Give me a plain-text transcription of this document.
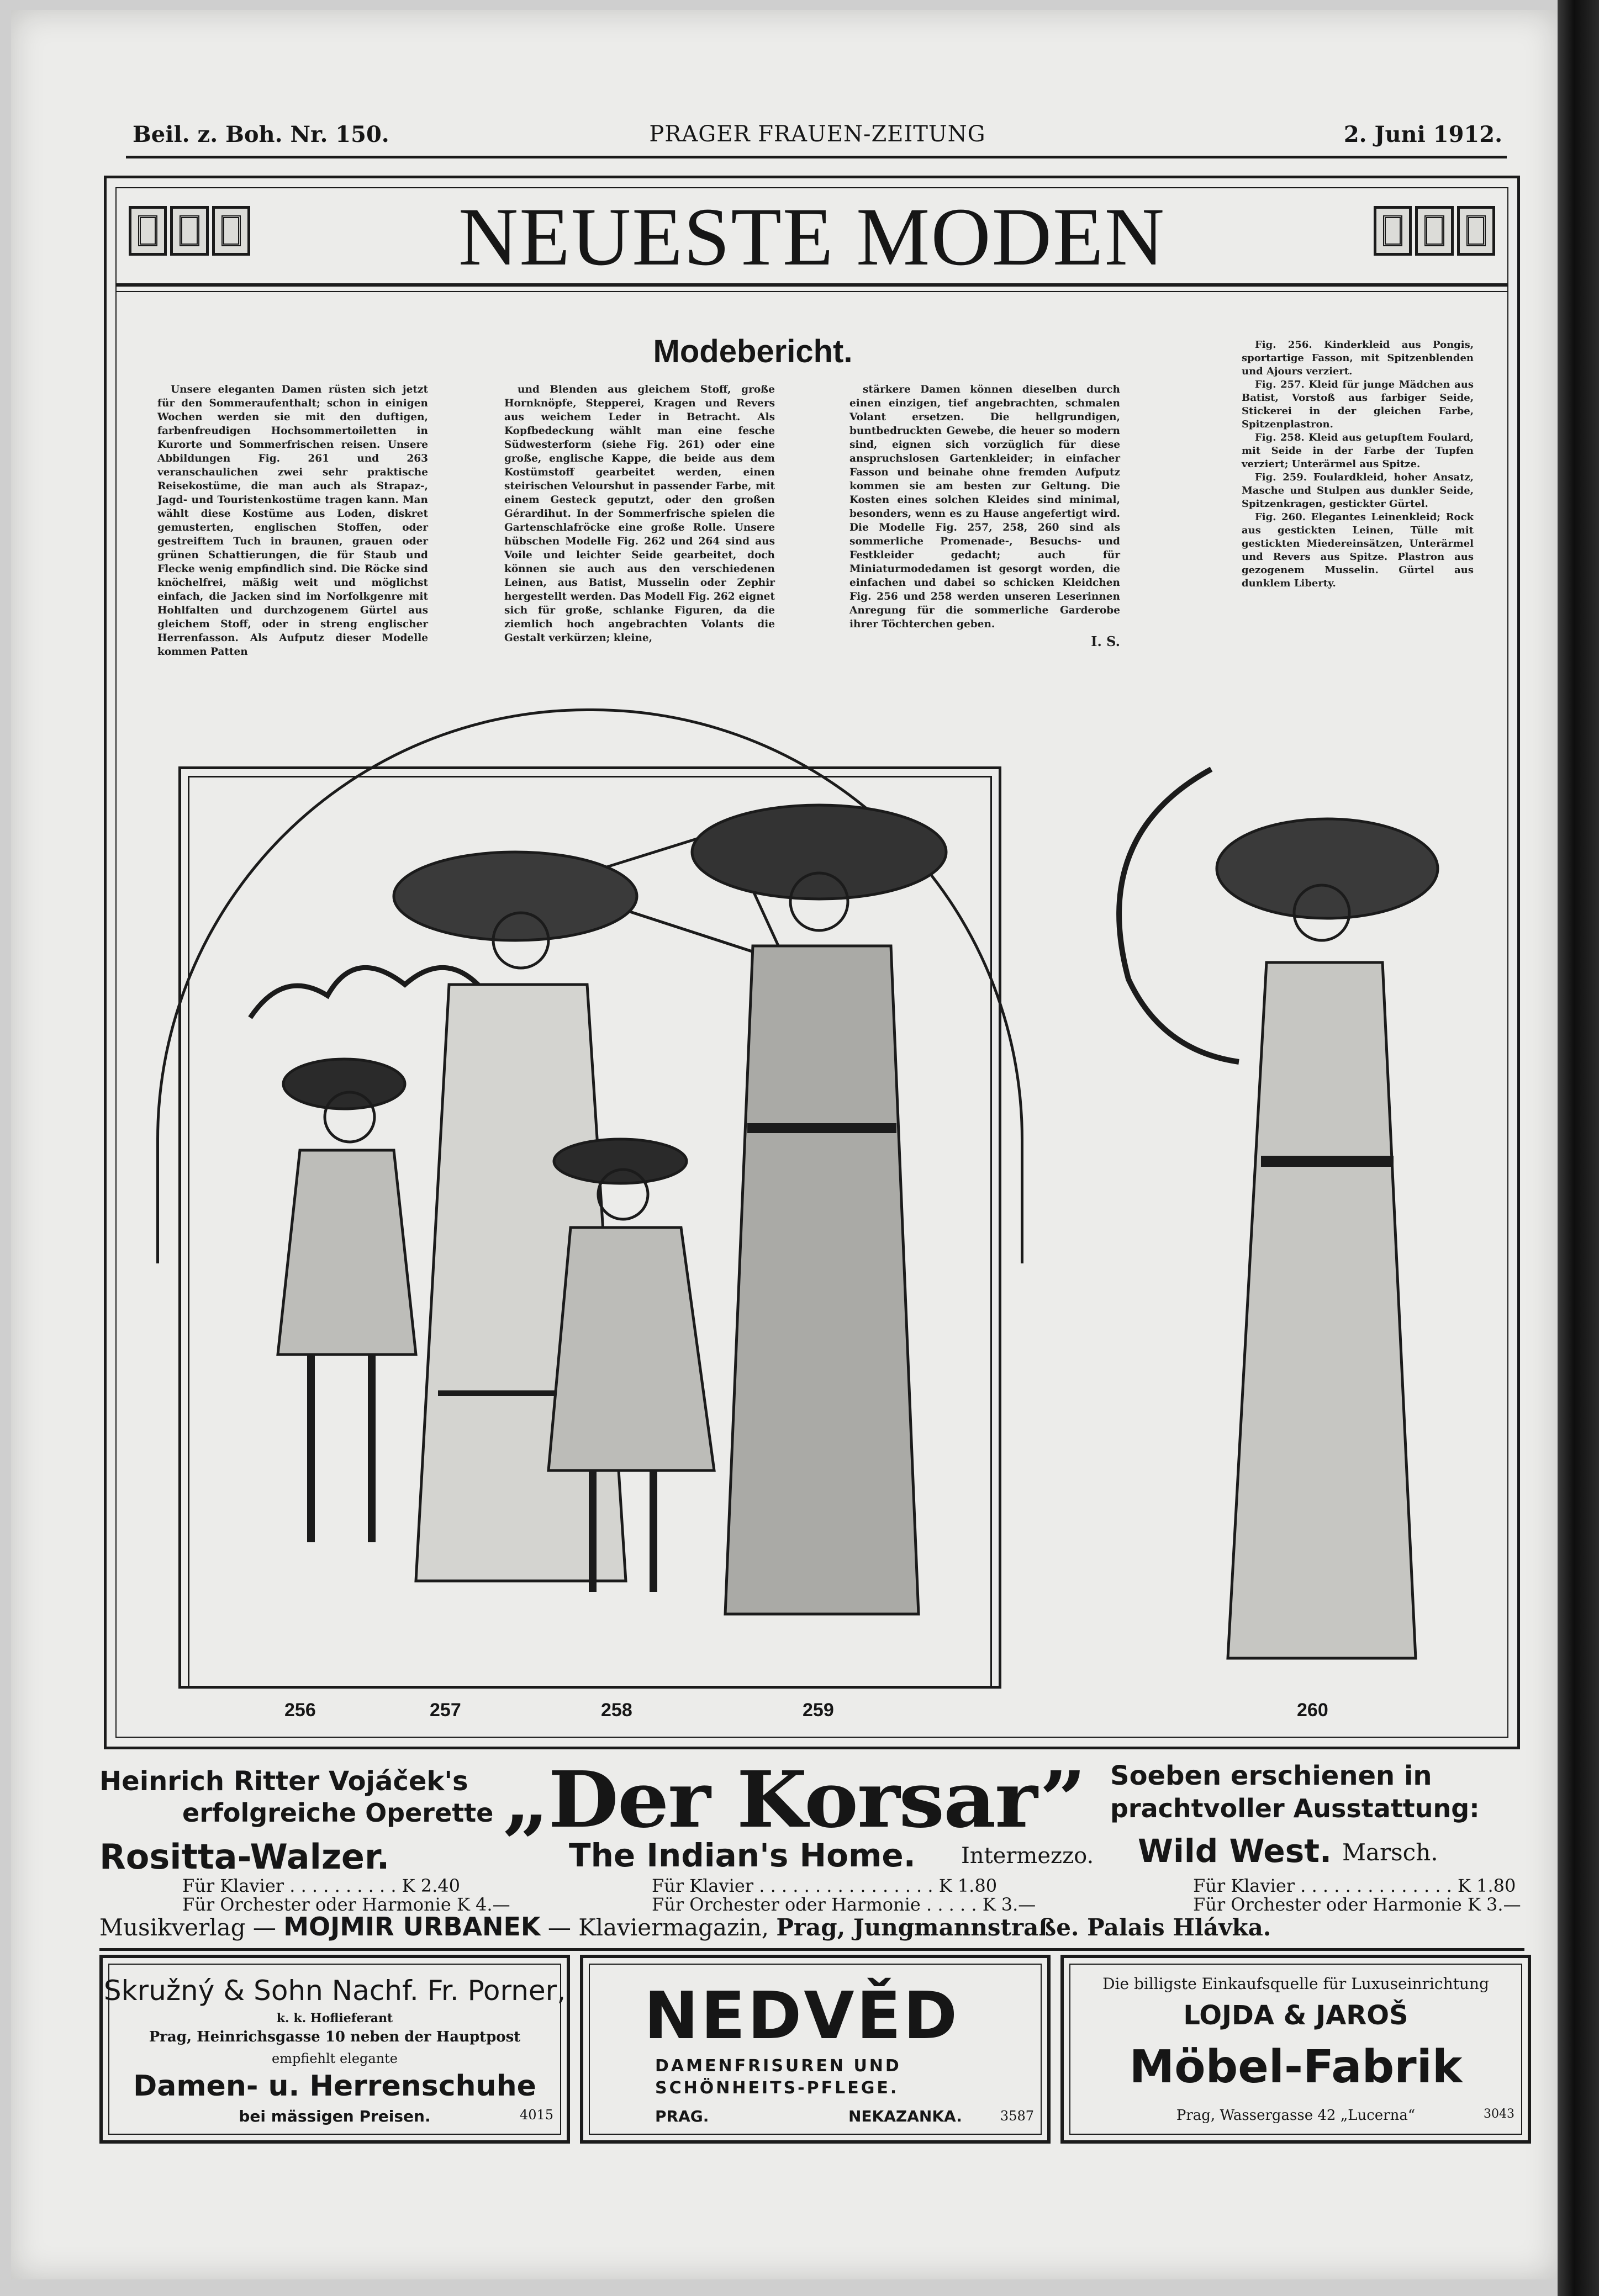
Beil. z. Boh. Nr. 150.	PRAGER FRAUEN-ZEITUNG	2. Juni 1912.
NEUESTE MODEN
Modebericht.

Unsere eleganten Damen rüsten sich jetzt für den Sommeraufenthalt; schon in einigen Wochen werden sie mit den duftigen, farbenfreudigen Hochsommertoiletten in Kurorte und Sommerfrischen reisen. Unsere Abbildungen Fig. 261 und 263 veranschaulichen zwei sehr praktische Reisekostüme, die man auch als Strapaz-, Jagd- und Touristenkostüme tragen kann. Man wählt diese Kostüme aus Loden, diskret gemusterten, englischen Stoffen, oder gestreiftem Tuch in braunen, grauen oder grünen Schattierungen, die für Staub und Flecke wenig empfindlich sind. Die Röcke sind knöchelfrei, mäßig weit und möglichst einfach, die Jacken sind im Norfolkgenre mit Hohlfalten und durchzogenem Gürtel aus gleichem Stoff, oder in streng englischer Herrenfasson. Als Aufputz dieser Modelle kommen Patten

und Blenden aus gleichem Stoff, große Hornknöpfe, Stepperei, Kragen und Revers aus weichem Leder in Betracht. Als Kopfbedeckung wählt man eine fesche Südwesterform (siehe Fig. 261) oder eine große, englische Kappe, die beide aus dem Kostümstoff gearbeitet werden, einen steirischen Velourshut in passender Farbe, mit einem Gesteck geputzt, oder den großen Gérardihut. In der Sommerfrische spielen die Gartenschlafröcke eine große Rolle. Unsere hübschen Modelle Fig. 262 und 264 sind aus Voile und leichter Seide gearbeitet, doch können sie auch aus den verschiedenen Leinen, aus Batist, Musselin oder Zephir hergestellt werden. Das Modell Fig. 262 eignet sich für große, schlanke Figuren, da die ziemlich hoch angebrachten Volants die Gestalt verkürzen; kleine,

stärkere Damen können dieselben durch einen einzigen, tief angebrachten, schmalen Volant ersetzen. Die hellgrundigen, buntbedruckten Gewebe, die heuer so modern sind, eignen sich vorzüglich für diese anspruchslosen Gartenkleider; in einfacher Fasson und beinahe ohne fremden Aufputz kommen sie am besten zur Geltung. Die Kosten eines solchen Kleides sind minimal, besonders, wenn es zu Hause angefertigt wird. Die Modelle Fig. 257, 258, 260 sind als sommerliche Promenade-, Besuchs- und Festkleider gedacht; auch für Miniaturmodedamen ist gesorgt worden, die einfachen und dabei so schicken Kleidchen Fig. 256 und 258 werden unseren Leserinnen Anregung für die sommerliche Garderobe ihrer Töchterchen geben.

I. S.

Fig. 256. Kinderkleid aus Pongis, sportartige Fasson, mit Spitzenblenden und Ajours verziert.

Fig. 257. Kleid für junge Mädchen aus Batist, Vorstoß aus farbiger Seide, Stickerei in der gleichen Farbe, Spitzenplastron.

Fig. 258. Kleid aus getupftem Foulard, mit Seide in der Farbe der Tupfen verziert; Unterärmel aus Spitze.

Fig. 259. Foulardkleid, hoher Ansatz, Masche und Stulpen aus dunkler Seide, Spitzenkragen, gestickter Gürtel.

Fig. 260. Elegantes Leinenkleid; Rock aus gestickten Leinen, Tülle mit gestickten Miedereinsätzen, Unterärmel und Revers aus Spitze. Plastron aus gezogenem Musselin. Gürtel aus dunklem Liberty.

256	257	258	259	260
Heinrich Ritter Vojáček's
erfolgreiche Operette
Rositta-Walzer.
Für Klavier . . . . . . . . . . K 2.40
Für Orchester oder Harmonie K 4.—
„Der Korsar”
The Indian's Home. Intermezzo.
Für Klavier . . . . . . . . . . . . . . . . K 1.80
Für Orchester oder Harmonie . . . . . K 3.—
Soeben erschienen in
prachtvoller Ausstattung:
Wild West. Marsch.
Für Klavier . . . . . . . . . . . . . . K 1.80
Für Orchester oder Harmonie K 3.—
Musikverlag — MOJMIR URBANEK — Klaviermagazin, Prag, Jungmannstraße. Palais Hlávka.
Skružný & Sohn Nachf. Fr. Porner,
k. k. Hoflieferant
Prag, Heinrichsgasse 10 neben der Hauptpost
empfiehlt elegante
Damen- u. Herrenschuhe
bei mässigen Preisen.	4015
NEDVĚD
DAMENFRISUREN UND
SCHÖNHEITS-PFLEGE.
PRAG.	NEKAZANKA.	3587
Die billigste Einkaufsquelle für Luxuseinrichtung
LOJDA & JAROŠ
Möbel-Fabrik
Prag, Wassergasse 42 „Lucerna“	3043
